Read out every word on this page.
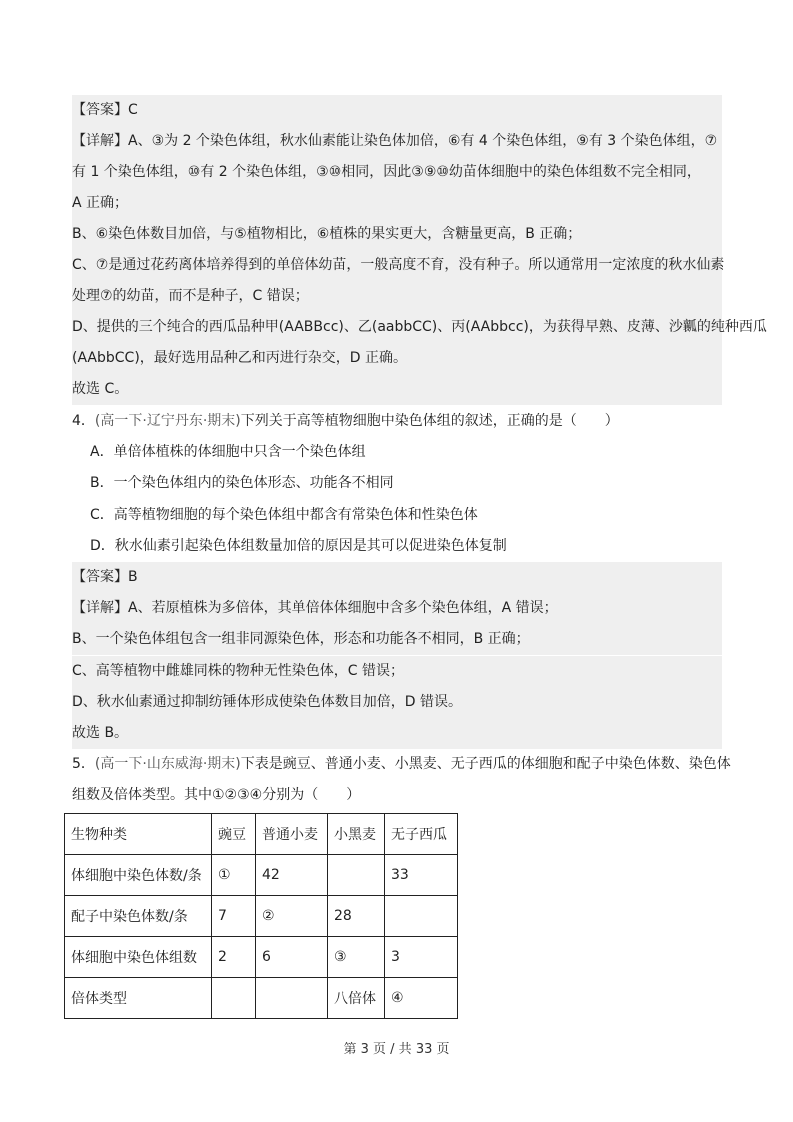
【答案】C
【详解】A、③为 2 个染色体组，秋水仙素能让染色体加倍，⑥有 4 个染色体组，⑨有 3 个染色体组，⑦
有 1 个染色体组，⑩有 2 个染色体组，③⑩相同，因此③⑨⑩幼苗体细胞中的染色体组数不完全相同，
A 正确；
B、⑥染色体数目加倍，与⑤植物相比，⑥植株的果实更大，含糖量更高，B 正确；
C、⑦是通过花药离体培养得到的单倍体幼苗，一般高度不育，没有种子。所以通常用一定浓度的秋水仙素
处理⑦的幼苗，而不是种子，C 错误；
D、提供的三个纯合的西瓜品种甲(AABBcc)、乙(aabbCC)、丙(AAbbcc)，为获得早熟、皮薄、沙瓤的纯种西瓜
(AAbbCC)，最好选用品种乙和丙进行杂交，D 正确。
故选 C。
4．(高一下·辽宁丹东·期末)下列关于高等植物细胞中染色体组的叙述，正确的是（　　）
A．单倍体植株的体细胞中只含一个染色体组
B．一个染色体组内的染色体形态、功能各不相同
C．高等植物细胞的每个染色体组中都含有常染色体和性染色体
D．秋水仙素引起染色体组数量加倍的原因是其可以促进染色体复制
【答案】B
【详解】A、若原植株为多倍体，其单倍体体细胞中含多个染色体组，A 错误；
B、一个染色体组包含一组非同源染色体，形态和功能各不相同，B 正确；
C、高等植物中雌雄同株的物种无性染色体，C 错误；
D、秋水仙素通过抑制纺锤体形成使染色体数目加倍，D 错误。
故选 B。
5．(高一下·山东威海·期末)下表是豌豆、普通小麦、小黑麦、无子西瓜的体细胞和配子中染色体数、染色体
组数及倍体类型。其中①②③④分别为（　　）
生物种类	豌豆	普通小麦	小黑麦	无子西瓜
体细胞中染色体数/条	①	42		33
配子中染色体数/条	7	②	28	
体细胞中染色体组数	2	6	③	3
倍体类型			八倍体	④
第 3 页 / 共 33 页
